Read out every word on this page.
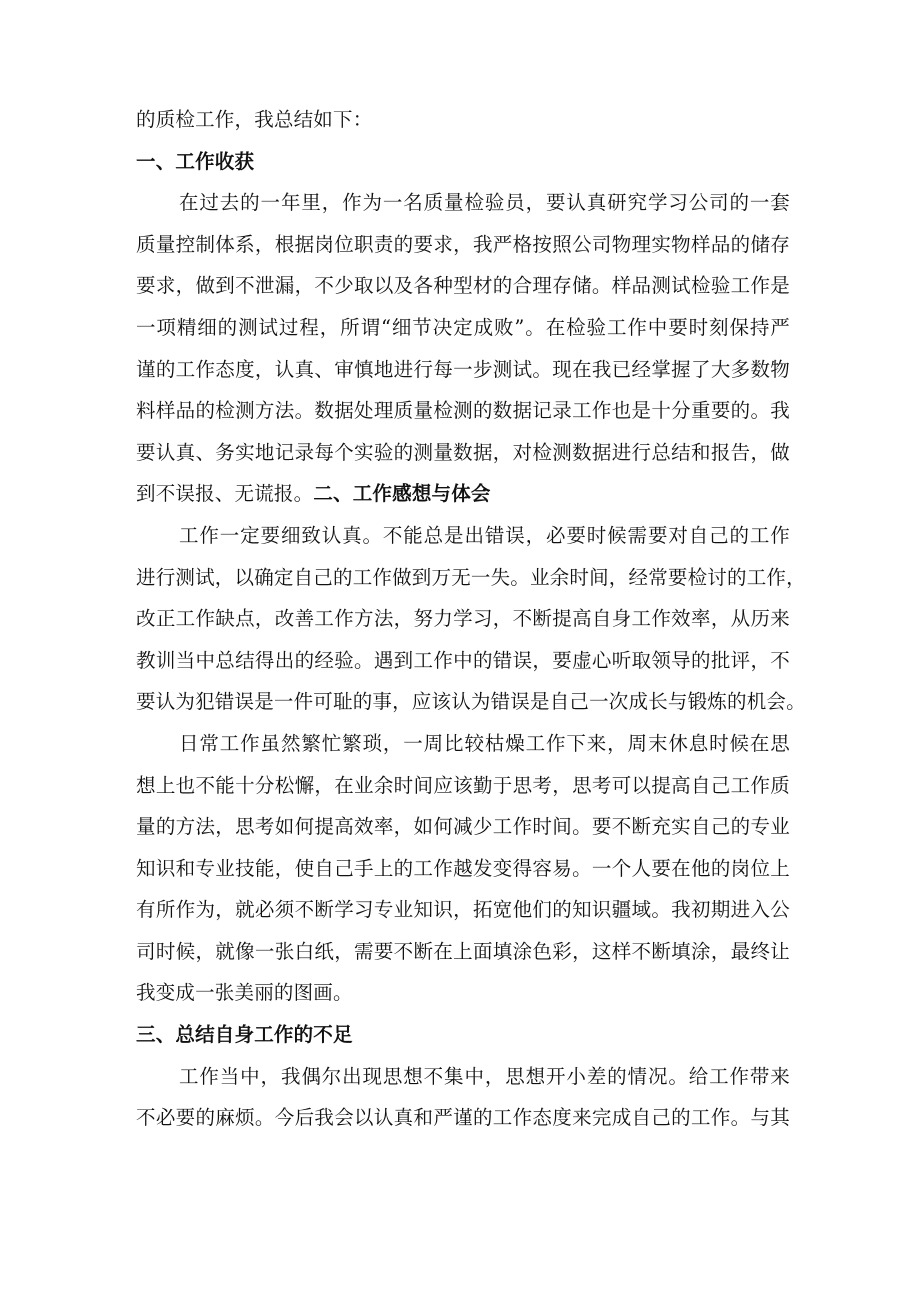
的质检工作，我总结如下：
一、工作收获
在过去的一年里，作为一名质量检验员，要认真研究学习公司的一套
质量控制体系，根据岗位职责的要求，我严格按照公司物理实物样品的储存
要求，做到不泄漏，不少取以及各种型材的合理存储。样品测试检验工作是
一项精细的测试过程，所谓“细节决定成败”。在检验工作中要时刻保持严
谨的工作态度，认真、审慎地进行每一步测试。现在我已经掌握了大多数物
料样品的检测方法。数据处理质量检测的数据记录工作也是十分重要的。我
要认真、务实地记录每个实验的测量数据，对检测数据进行总结和报告，做
到不误报、无谎报。二、工作感想与体会
工作一定要细致认真。不能总是出错误，必要时候需要对自己的工作
进行测试，以确定自己的工作做到万无一失。业余时间，经常要检讨的工作，
改正工作缺点，改善工作方法，努力学习，不断提高自身工作效率，从历来
教训当中总结得出的经验。遇到工作中的错误，要虚心听取领导的批评，不
要认为犯错误是一件可耻的事，应该认为错误是自己一次成长与锻炼的机会。
日常工作虽然繁忙繁琐，一周比较枯燥工作下来，周末休息时候在思
想上也不能十分松懈，在业余时间应该勤于思考，思考可以提高自己工作质
量的方法，思考如何提高效率，如何减少工作时间。要不断充实自己的专业
知识和专业技能，使自己手上的工作越发变得容易。一个人要在他的岗位上
有所作为，就必须不断学习专业知识，拓宽他们的知识疆域。我初期进入公
司时候，就像一张白纸，需要不断在上面填涂色彩，这样不断填涂，最终让
我变成一张美丽的图画。
三、总结自身工作的不足
工作当中，我偶尔出现思想不集中，思想开小差的情况。给工作带来
不必要的麻烦。今后我会以认真和严谨的工作态度来完成自己的工作。与其
